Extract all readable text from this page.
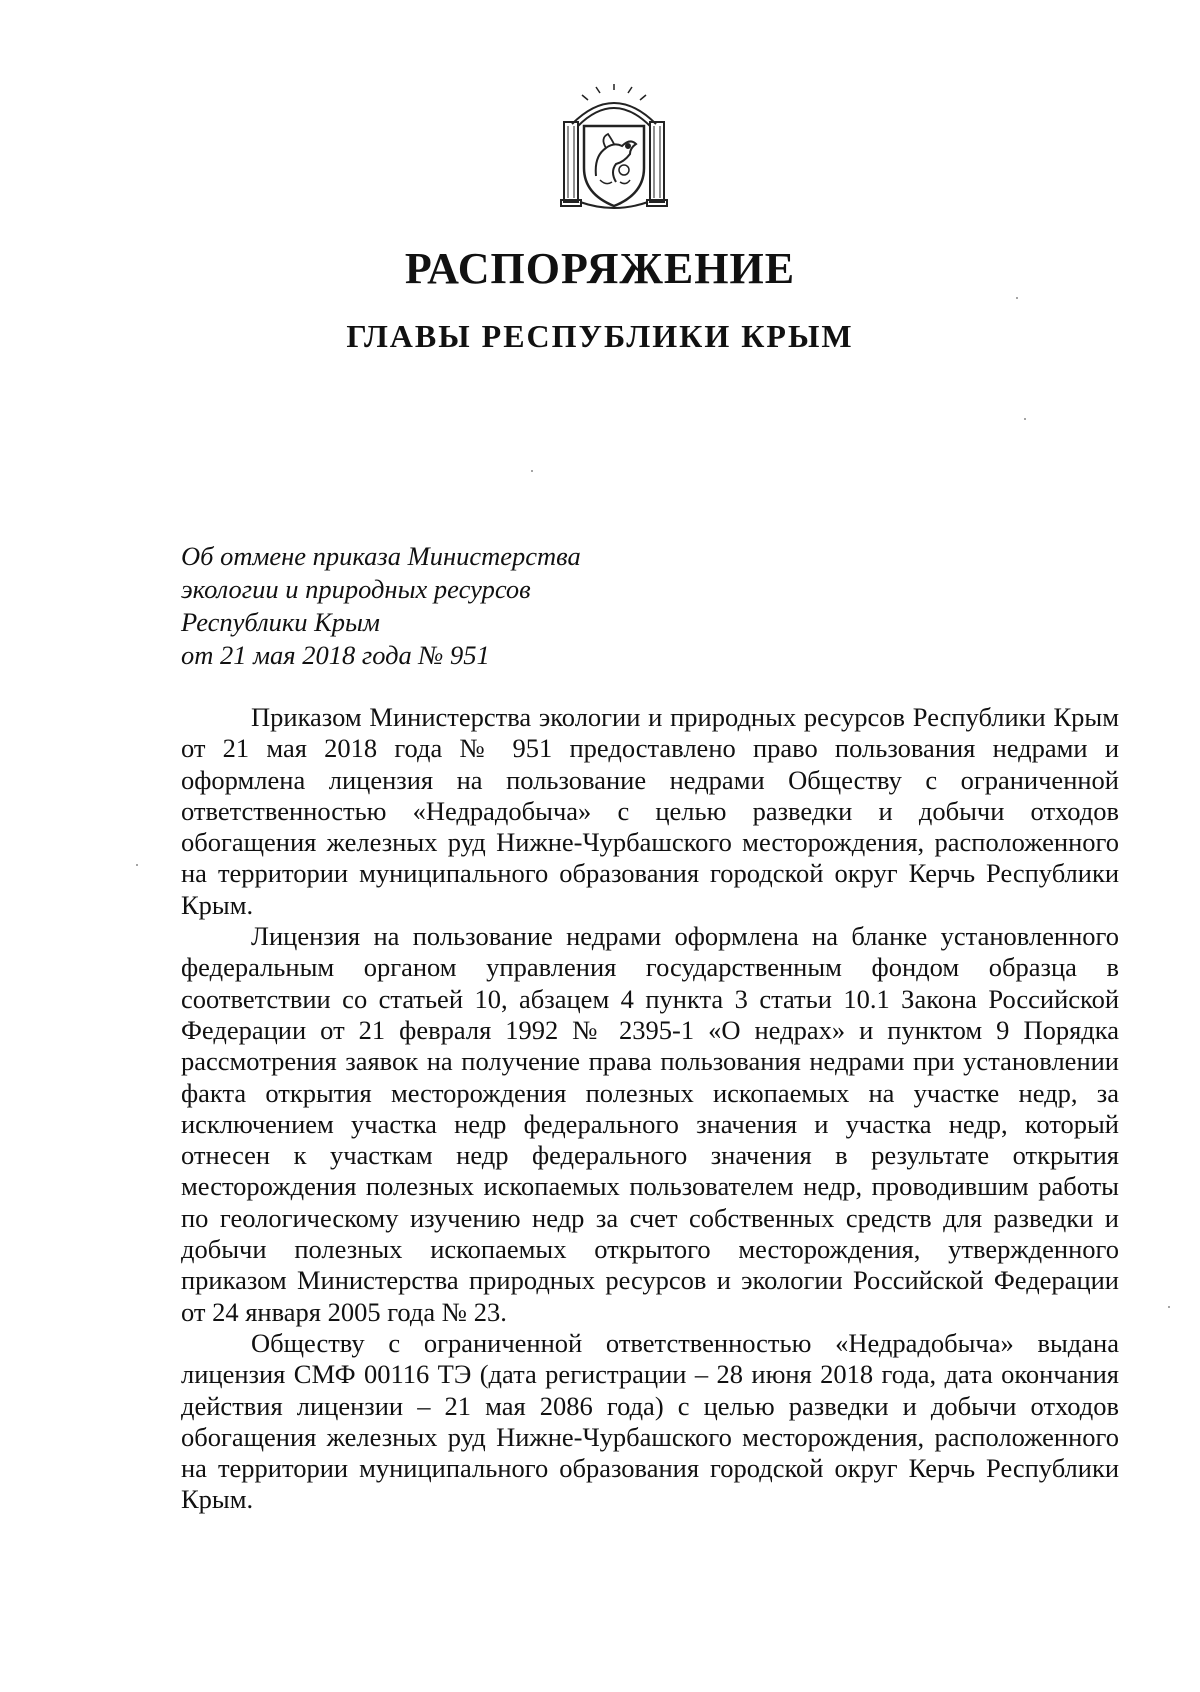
РАСПОРЯЖЕНИЕ
ГЛАВЫ РЕСПУБЛИКИ КРЫМ
Об отмене приказа Министерства
экологии и природных ресурсов
Республики Крым
от 21 мая 2018 года № 951

Приказом Министерства экологии и природных ресурсов Республики Крым от 21 мая 2018 года № 951 предоставлено право пользования недрами и оформлена лицензия на пользование недрами Обществу с ограниченной ответственностью «Недрадобыча» с целью разведки и добычи отходов обогащения железных руд Нижне-Чурбашского месторождения, расположенного на территории муниципального образования городской округ Керчь Республики Крым.

Лицензия на пользование недрами оформлена на бланке установленного федеральным органом управления государственным фондом образца в соответствии со статьей 10, абзацем 4 пункта 3 статьи 10.1 Закона Российской Федерации от 21 февраля 1992 № 2395-1 «О недрах» и пунктом 9 Порядка рассмотрения заявок на получение права пользования недрами при установлении факта открытия месторождения полезных ископаемых на участке недр, за исключением участка недр федерального значения и участка недр, который отнесен к участкам недр федерального значения в результате открытия месторождения полезных ископаемых пользователем недр, проводившим работы по геологическому изучению недр за счет собственных средств для разведки и добычи полезных ископаемых открытого месторождения, утвержденного приказом Министерства природных ресурсов и экологии Российской Федерации от 24 января 2005 года № 23.

Обществу с ограниченной ответственностью «Недрадобыча» выдана лицензия СМФ 00116 ТЭ (дата регистрации – 28 июня 2018 года, дата окончания действия лицензии – 21 мая 2086 года) с целью разведки и добычи отходов обогащения железных руд Нижне-Чурбашского месторождения, расположенного на территории муниципального образования городской округ Керчь Республики Крым.
